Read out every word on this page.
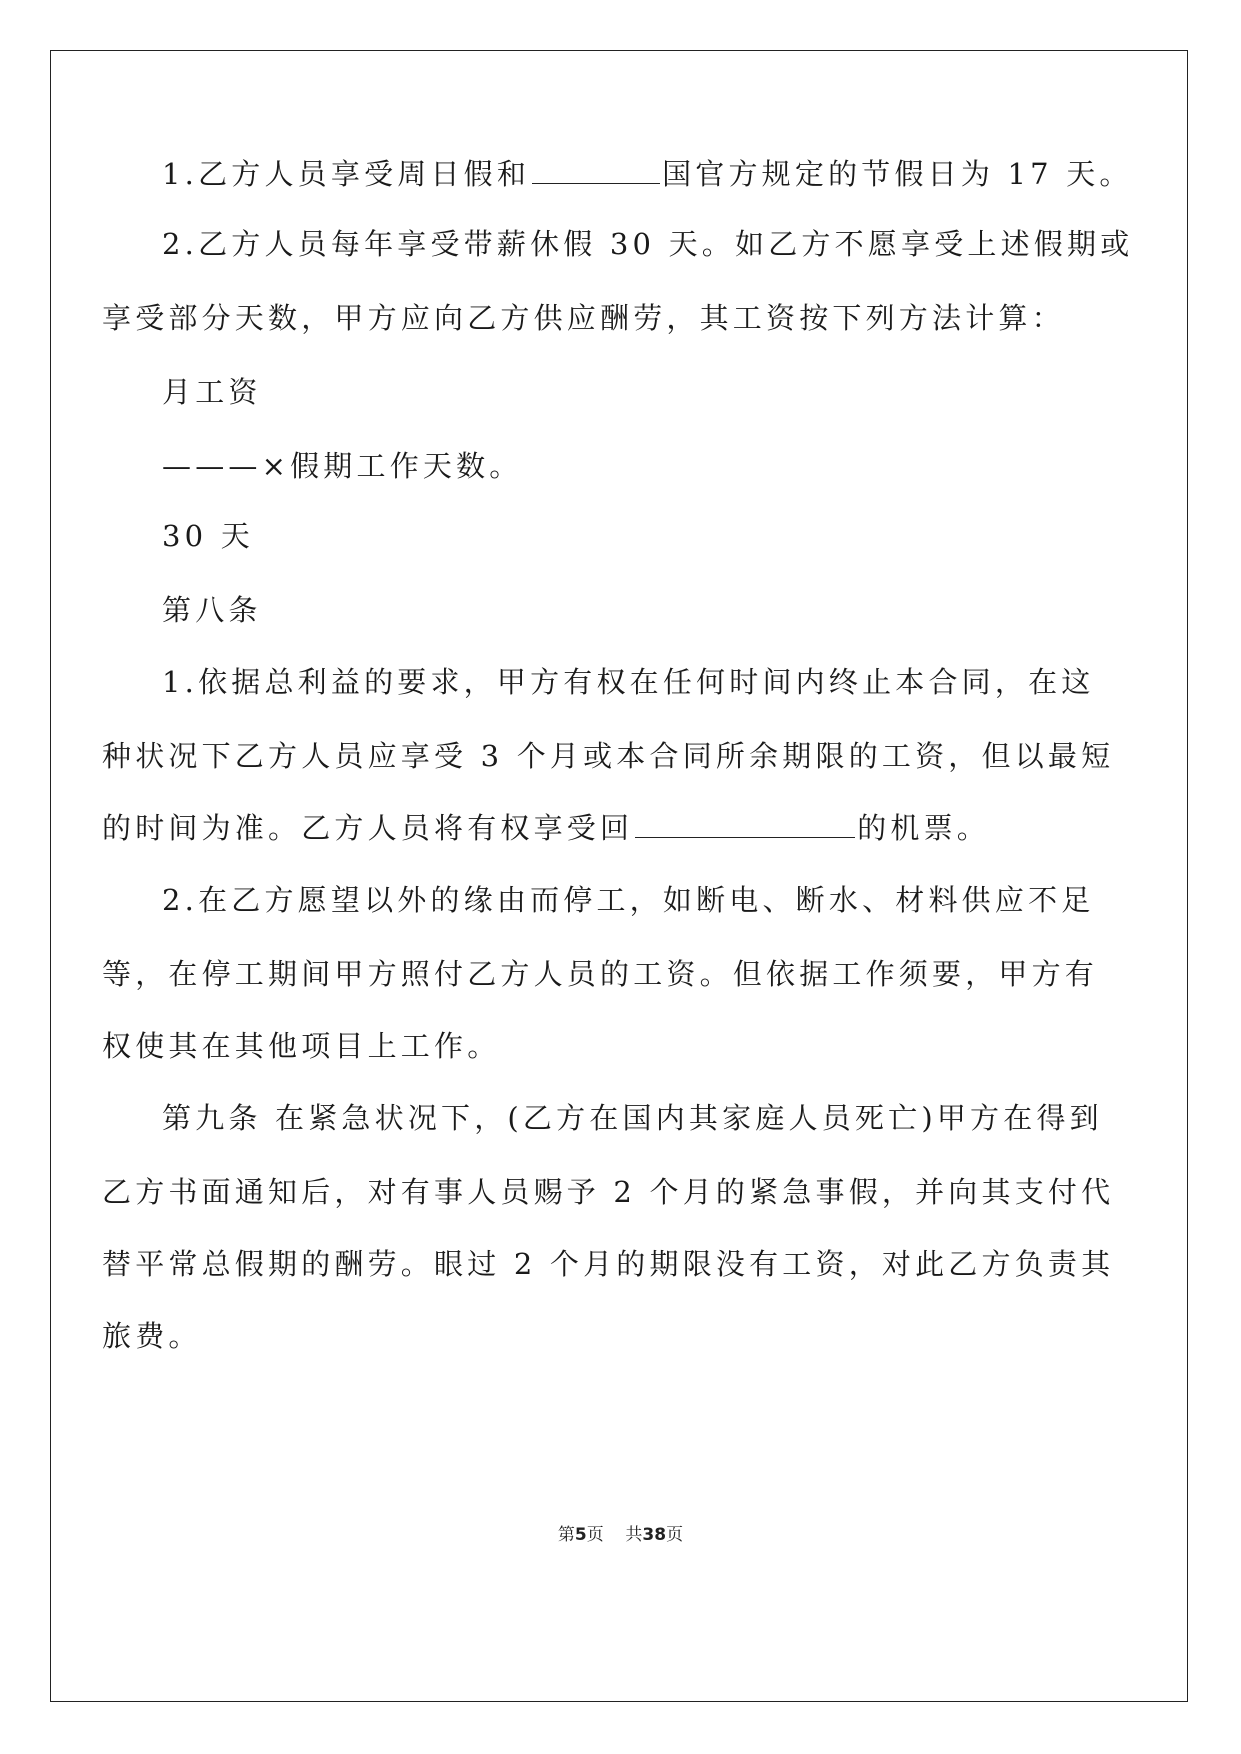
1.乙方人员享受周日假和	国官方规定的节假日为 17 天。
2.乙方人员每年享受带薪休假 30 天。如乙方不愿享受上述假期或
享受部分天数，甲方应向乙方供应酬劳，其工资按下列方法计算：
月工资
———×假期工作天数。
30 天
第八条
1.依据总利益的要求，甲方有权在任何时间内终止本合同，在这
种状况下乙方人员应享受 3 个月或本合同所余期限的工资，但以最短
的时间为准。乙方人员将有权享受回	的机票。
2.在乙方愿望以外的缘由而停工，如断电、断水、材料供应不足
等，在停工期间甲方照付乙方人员的工资。但依据工作须要，甲方有
权使其在其他项目上工作。
第九条 在紧急状况下，(乙方在国内其家庭人员死亡)甲方在得到
乙方书面通知后，对有事人员赐予 2 个月的紧急事假，并向其支付代
替平常总假期的酬劳。眼过 2 个月的期限没有工资，对此乙方负责其
旅费。
第5页 共38页
